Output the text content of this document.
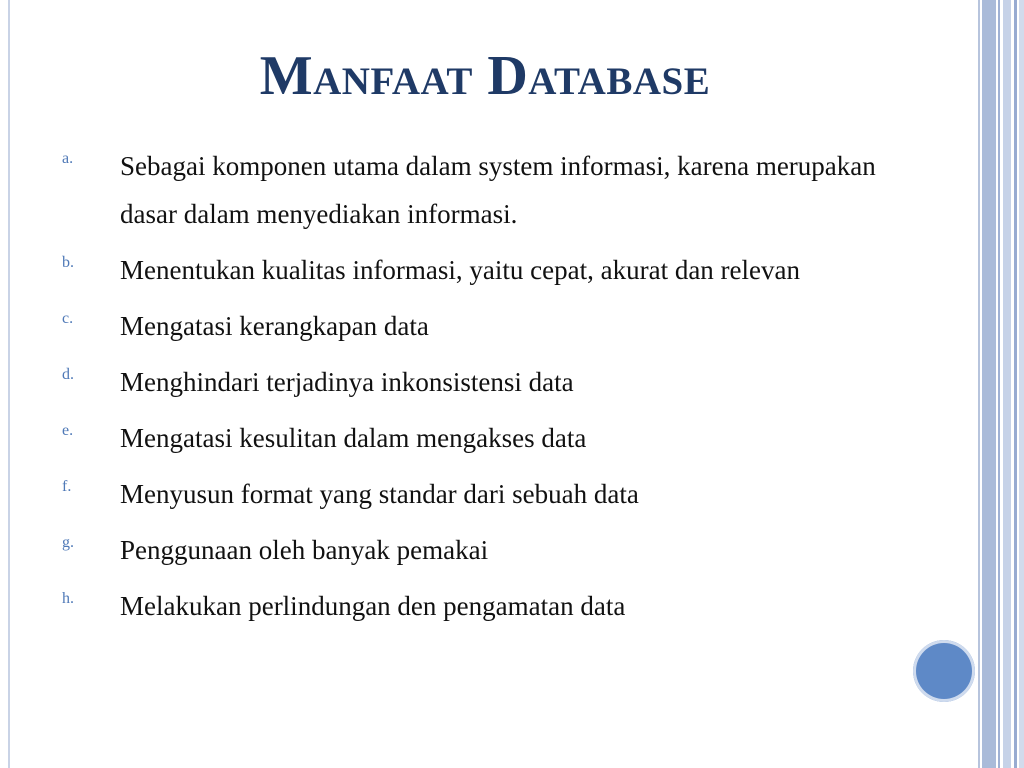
Manfaat Database
a.	Sebagai komponen utama dalam system informasi, karena merupakan dasar dalam menyediakan informasi.
b.	Menentukan kualitas informasi, yaitu cepat, akurat dan relevan
c.	Mengatasi kerangkapan data
d.	Menghindari terjadinya inkonsistensi data
e.	Mengatasi kesulitan dalam mengakses data
f.	Menyusun format yang standar dari sebuah data
g.	Penggunaan oleh banyak pemakai
h.	Melakukan perlindungan den pengamatan data
